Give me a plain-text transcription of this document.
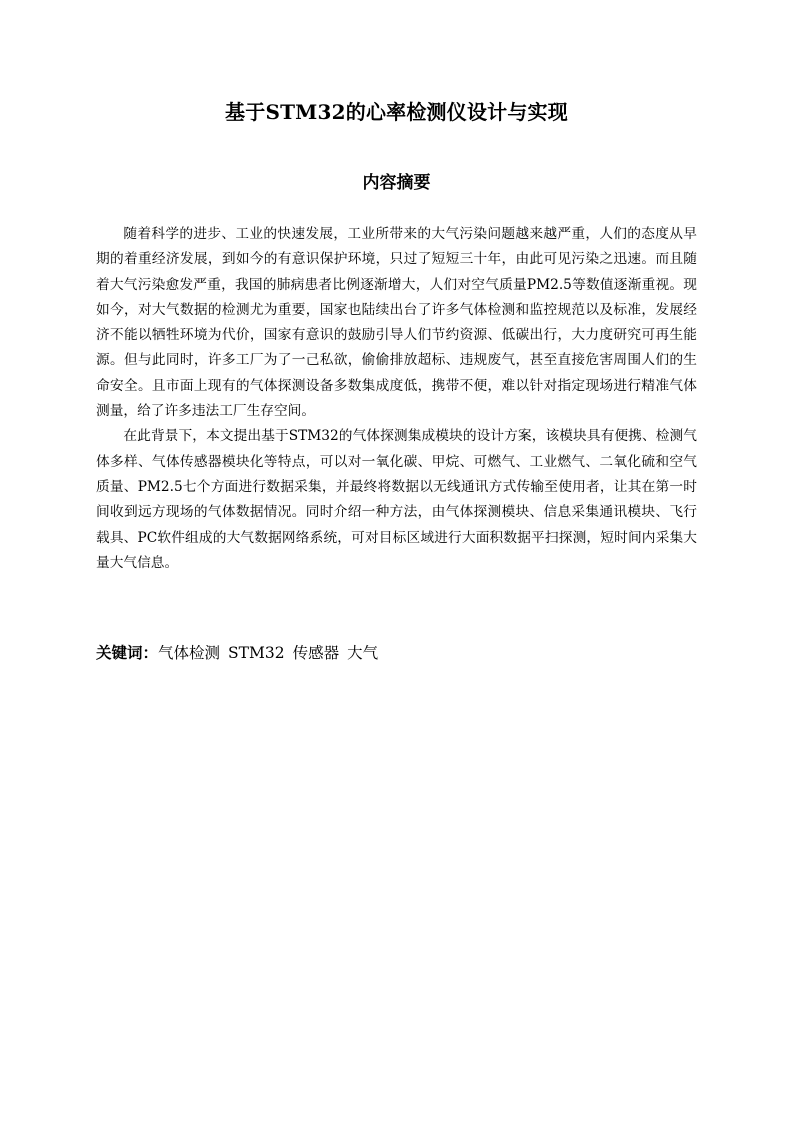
基于STM32的心率检测仪设计与实现
内容摘要

随着科学的进步、工业的快速发展，工业所带来的大气污染问题越来越严重，人们的态度从早期的着重经济发展，到如今的有意识保护环境，只过了短短三十年，由此可见污染之迅速。而且随着大气污染愈发严重，我国的肺病患者比例逐渐增大，人们对空气质量PM2.5等数值逐渐重视。现如今，对大气数据的检测尤为重要，国家也陆续出台了许多气体检测和监控规范以及标准，发展经济不能以牺牲环境为代价，国家有意识的鼓励引导人们节约资源、低碳出行，大力度研究可再生能源。但与此同时，许多工厂为了一己私欲，偷偷排放超标、违规废气，甚至直接危害周围人们的生命安全。且市面上现有的气体探测设备多数集成度低，携带不便，难以针对指定现场进行精准气体测量，给了许多违法工厂生存空间。

在此背景下，本文提出基于STM32的气体探测集成模块的设计方案，该模块具有便携、检测气体多样、气体传感器模块化等特点，可以对一氧化碳、甲烷、可燃气、工业燃气、二氧化硫和空气质量、PM2.5七个方面进行数据采集，并最终将数据以无线通讯方式传输至使用者，让其在第一时间收到远方现场的气体数据情况。同时介绍一种方法，由气体探测模块、信息采集通讯模块、飞行载具、PC软件组成的大气数据网络系统，可对目标区域进行大面积数据平扫探测，短时间内采集大量大气信息。

关键词：气体检测 STM32 传感器 大气
